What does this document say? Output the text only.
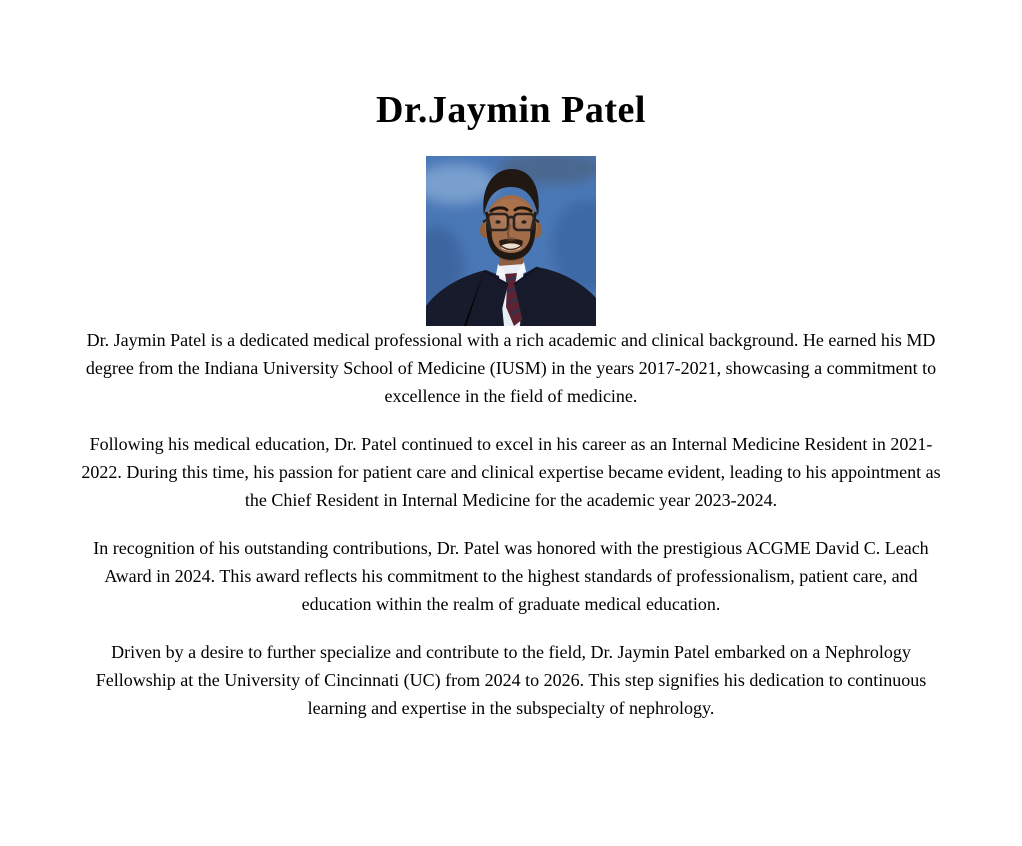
Dr.Jaymin Patel

Dr. Jaymin Patel is a dedicated medical professional with a rich academic and clinical background. He earned his MD degree from the Indiana University School of Medicine (IUSM) in the years 2017-2021, showcasing a commitment to excellence in the field of medicine.

Following his medical education, Dr. Patel continued to excel in his career as an Internal Medicine Resident in 2021-2022. During this time, his passion for patient care and clinical expertise became evident, leading to his appointment as the Chief Resident in Internal Medicine for the academic year 2023-2024.

In recognition of his outstanding contributions, Dr. Patel was honored with the prestigious ACGME David C. Leach Award in 2024. This award reflects his commitment to the highest standards of professionalism, patient care, and education within the realm of graduate medical education.

Driven by a desire to further specialize and contribute to the field, Dr. Jaymin Patel embarked on a Nephrology Fellowship at the University of Cincinnati (UC) from 2024 to 2026. This step signifies his dedication to continuous learning and expertise in the subspecialty of nephrology.
